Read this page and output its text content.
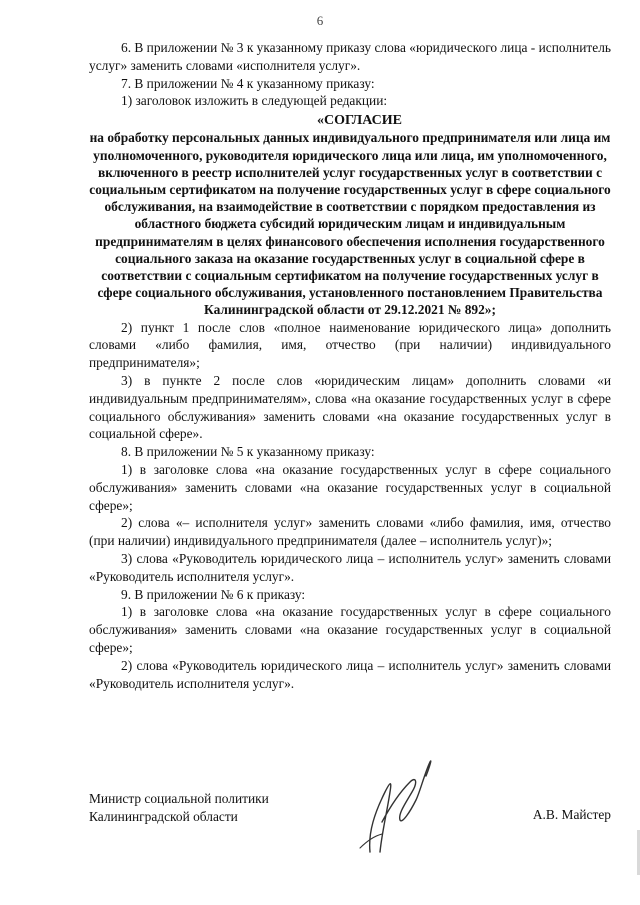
6

6. В приложении № 3 к указанному приказу слова «юридического лица - исполнитель услуг» заменить словами «исполнителя услуг».

7. В приложении № 4 к указанному приказу:

1) заголовок изложить в следующей редакции:

«СОГЛАСИЕ
на обработку персональных данных индивидуального предпринимателя или лица им уполномоченного, руководителя юридического лица или лица, им уполномоченного, включенного в реестр исполнителей услуг государственных услуг в соответствии с социальным сертификатом на получение государственных услуг в сфере социального обслуживания, на взаимодействие в соответствии с порядком предоставления из областного бюджета субсидий юридическим лицам и индивидуальным предпринимателям в целях финансового обеспечения исполнения государственного социального заказа на оказание государственных услуг в социальной сфере в соответствии с социальным сертификатом на получение государственных услуг в сфере социального обслуживания, установленного постановлением Правительства Калининградской области от 29.12.2021 № 892»;

2) пункт 1 после слов «полное наименование юридического лица» дополнить словами «либо фамилия, имя, отчество (при наличии) индивидуального предпринимателя»;

3) в пункте 2 после слов «юридическим лицам» дополнить словами «и индивидуальным предпринимателям», слова «на оказание государственных услуг в сфере социального обслуживания» заменить словами «на оказание государственных услуг в социальной сфере».

8. В приложении № 5 к указанному приказу:

1) в заголовке слова «на оказание государственных услуг в сфере социального обслуживания» заменить словами «на оказание государственных услуг в социальной сфере»;

2) слова «– исполнителя услуг» заменить словами «либо фамилия, имя, отчество (при наличии) индивидуального предпринимателя (далее – исполнитель услуг)»;

3) слова «Руководитель юридического лица – исполнитель услуг» заменить словами «Руководитель исполнителя услуг».

9. В приложении № 6 к приказу:

1) в заголовке слова «на оказание государственных услуг в сфере социального обслуживания» заменить словами «на оказание государственных услуг в социальной сфере»;

2) слова «Руководитель юридического лица – исполнитель услуг» заменить словами «Руководитель исполнителя услуг».

Министр социальной политики
Калининградской области	А.В. Майстер
